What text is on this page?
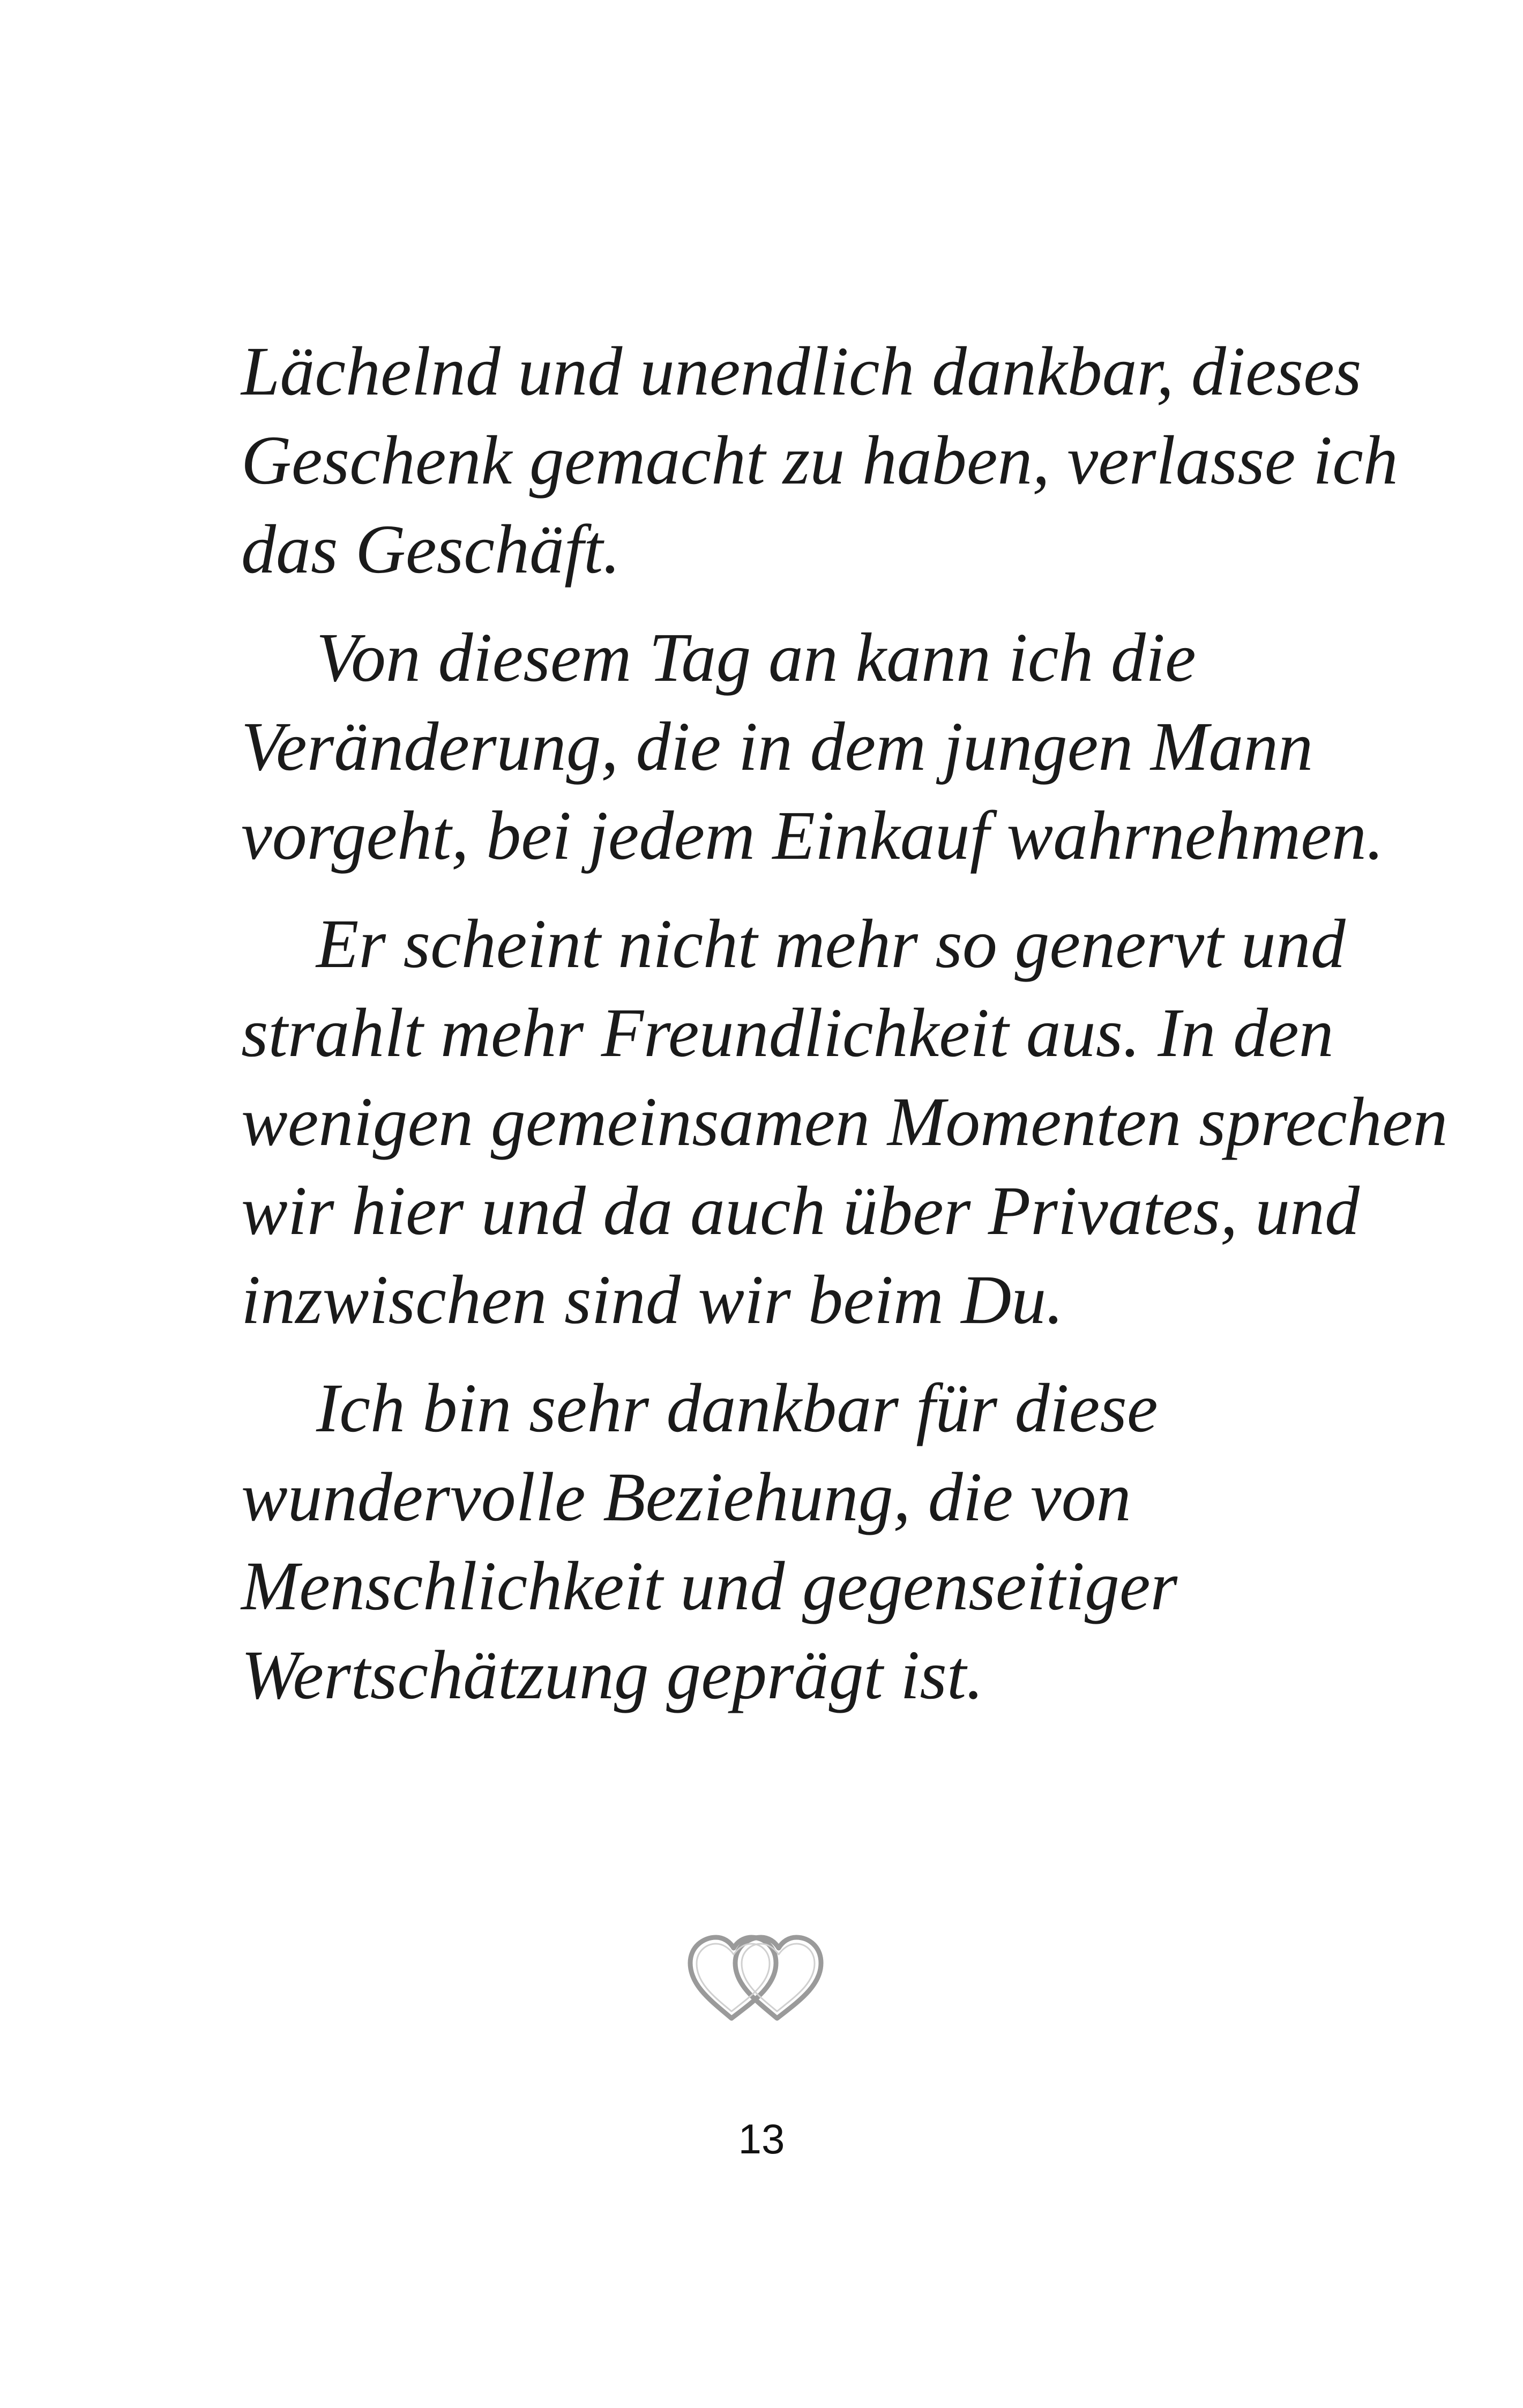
Lächelnd und unendlich dankbar, dieses
Geschenk gemacht zu haben, verlasse ich
das Geschäft.

Von diesem Tag an kann ich die
Veränderung, die in dem jungen Mann
vorgeht, bei jedem Einkauf wahrnehmen.

Er scheint nicht mehr so genervt und
strahlt mehr Freundlichkeit aus. In den
wenigen gemeinsamen Momenten sprechen
wir hier und da auch über Privates, und
inzwischen sind wir beim Du.

Ich bin sehr dankbar für diese
wundervolle Beziehung, die von
Menschlichkeit und gegenseitiger
Wertschätzung geprägt ist.

13
